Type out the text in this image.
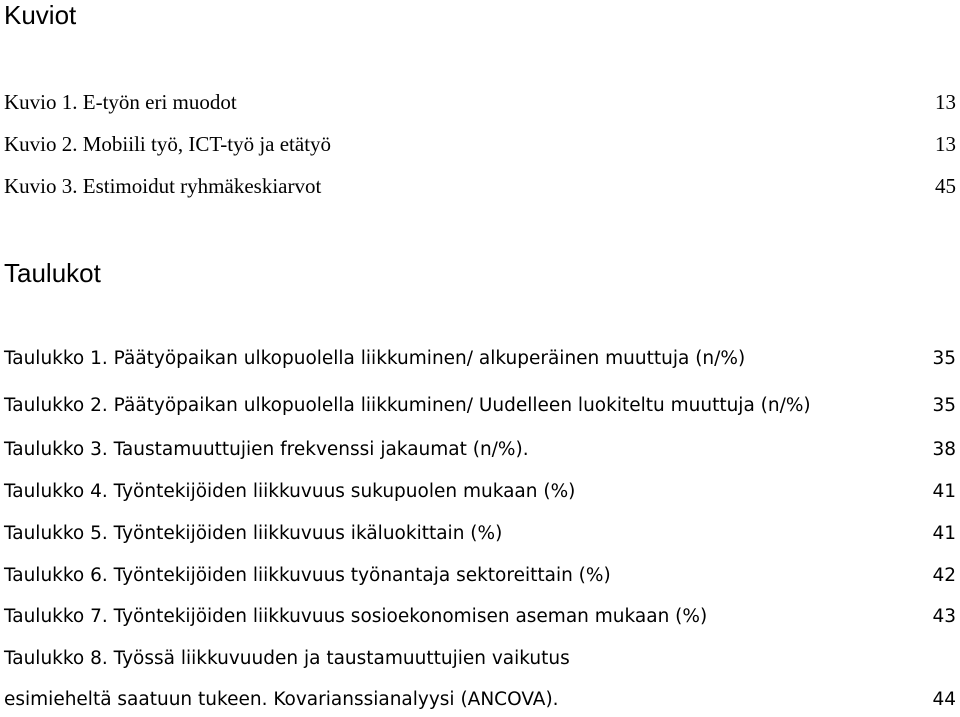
Kuviot
Kuvio 1. E-työn eri muodot	13
Kuvio 2. Mobiili työ, ICT-työ ja etätyö	13
Kuvio 3. Estimoidut ryhmäkeskiarvot	45
Taulukot
Taulukko 1. Päätyöpaikan ulkopuolella liikkuminen/ alkuperäinen muuttuja (n/%)	35
Taulukko 2. Päätyöpaikan ulkopuolella liikkuminen/ Uudelleen luokiteltu muuttuja (n/%)	35
Taulukko 3. Taustamuuttujien frekvenssi jakaumat (n/%).	38
Taulukko 4. Työntekijöiden liikkuvuus sukupuolen mukaan (%)	41
Taulukko 5. Työntekijöiden liikkuvuus ikäluokittain (%)	41
Taulukko 6. Työntekijöiden liikkuvuus työnantaja sektoreittain (%)	42
Taulukko 7. Työntekijöiden liikkuvuus sosioekonomisen aseman mukaan (%)	43
Taulukko 8. Työssä liikkuvuuden ja taustamuuttujien vaikutus
esimieheltä saatuun tukeen. Kovarianssianalyysi (ANCOVA).	44
